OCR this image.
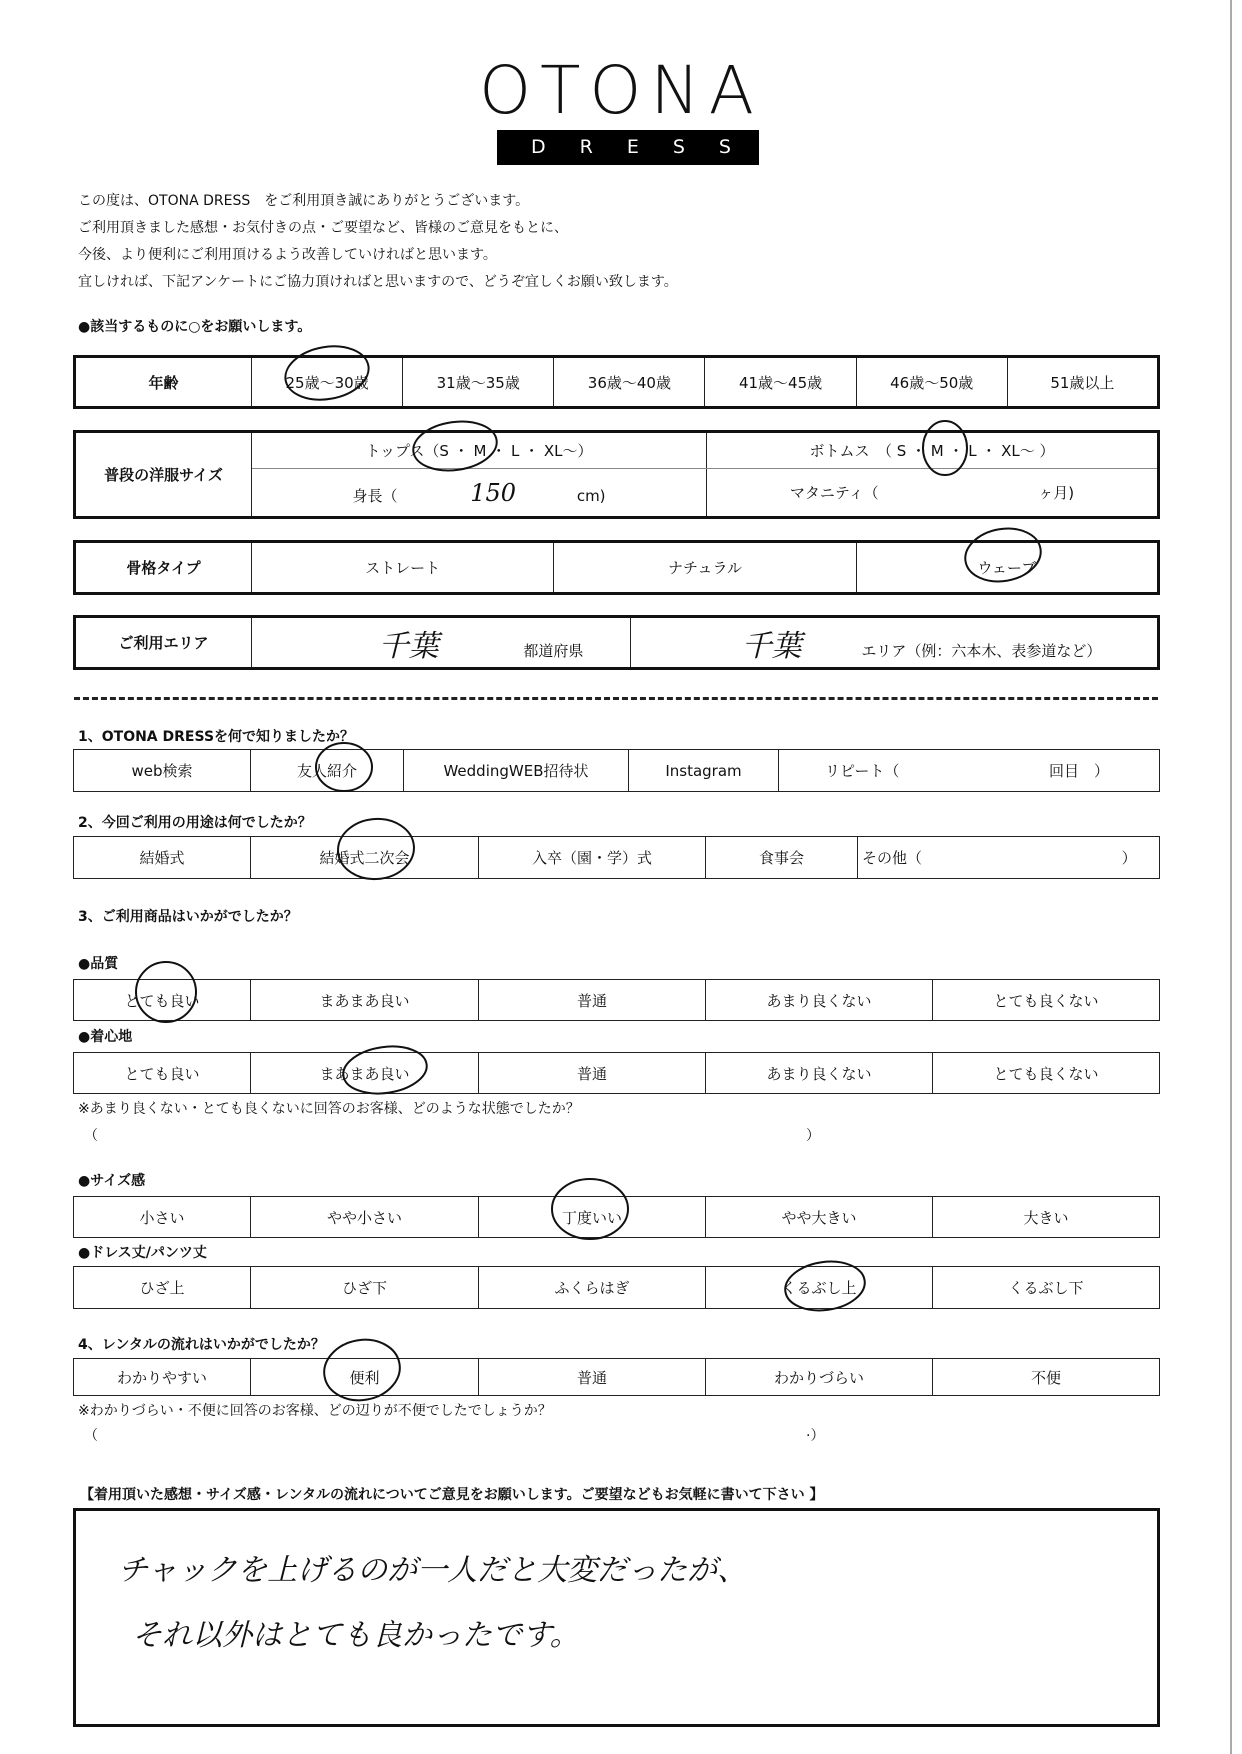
OTONA
DRESS
この度は、OTONA DRESS　をご利用頂き誠にありがとうございます。
ご利用頂きました感想・お気付きの点・ご要望など、皆様のご意見をもとに、
今後、より便利にご利用頂けるよう改善していければと思います。
宜しければ、下記アンケートにご協力頂ければと思いますので、どうぞ宜しくお願い致します。
●該当するものに○をお願いします。
年齢	25歳～30歳	31歳～35歳	36歳～40歳	41歳～45歳	46歳～50歳	51歳以上
普段の洋服サイズ	トップス（S ・ M ・ L ・ XL～）	ボトムス　（ S ・ M ・ L ・ XL～ ）
	身長（ 150 cm)	マタニティ（ ヶ月)
骨格タイプ	ストレート	ナチュラル	ウェーブ
ご利用エリア	千葉	都道府県	千葉	エリア（例：六本木、表参道など）
1、OTONA DRESSを何で知りましたか？
web検索	友人紹介	WeddingWEB招待状	Instagram	リピート（	回目　）
2、今回ご利用の用途は何でしたか？
結婚式	結婚式二次会	入卒（園・学）式	食事会	その他（	）
3、ご利用商品はいかがでしたか？
●品質
とても良い	まあまあ良い	普通	あまり良くない	とても良くない
●着心地
とても良い	まあまあ良い	普通	あまり良くない	とても良くない
※あまり良くない・とても良くないに回答のお客様、どのような状態でしたか？
（	）
●サイズ感
小さい	やや小さい	丁度いい	やや大きい	大きい
●ドレス丈/パンツ丈
ひざ上	ひざ下	ふくらはぎ	くるぶし上	くるぶし下
4、レンタルの流れはいかがでしたか？
わかりやすい	便利	普通	わかりづらい	不便
※わかりづらい・不便に回答のお客様、どの辺りが不便でしたでしょうか？
（	·）
【着用頂いた感想・サイズ感・レンタルの流れについてご意見をお願いします。ご要望などもお気軽に書いて下さい 】
チャックを上げるのが一人だと大変だったが、
それ以外はとても良かったです。
